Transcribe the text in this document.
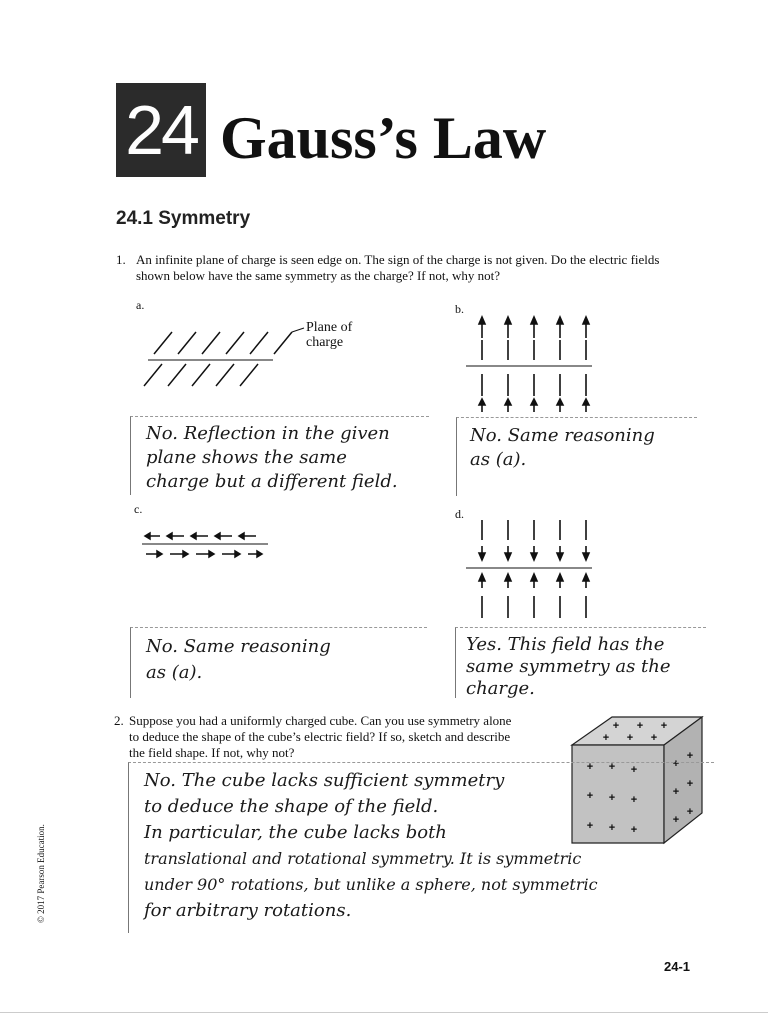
24 Gauss’s Law
24.1 Symmetry
1. An infinite plane of charge is seen edge on. The sign of the charge is not given. Do the electric fields
shown below have the same symmetry as the charge? If not, why not?
a.
Plane of
charge
b.
No. Reflection in the given
plane shows the same
charge but a different field.
No. Same reasoning
as (a).
c.	d.
No. Same reasoning
as (a).
Yes. This field has the
same symmetry as the
charge.
2. Suppose you had a uniformly charged cube. Can you use symmetry alone
to deduce the shape of the cube’s electric field? If so, sketch and describe
the field shape. If not, why not?
+ + +
+ + +
+ + +
+ + +
+ + +
+
+
+
+
+
+
No. The cube lacks sufficient symmetry
to deduce the shape of the field.
In particular, the cube lacks both
translational and rotational symmetry. It is symmetric
under 90° rotations, but unlike a sphere, not symmetric
for arbitrary rotations.
© 2017 Pearson Education.
24-1
